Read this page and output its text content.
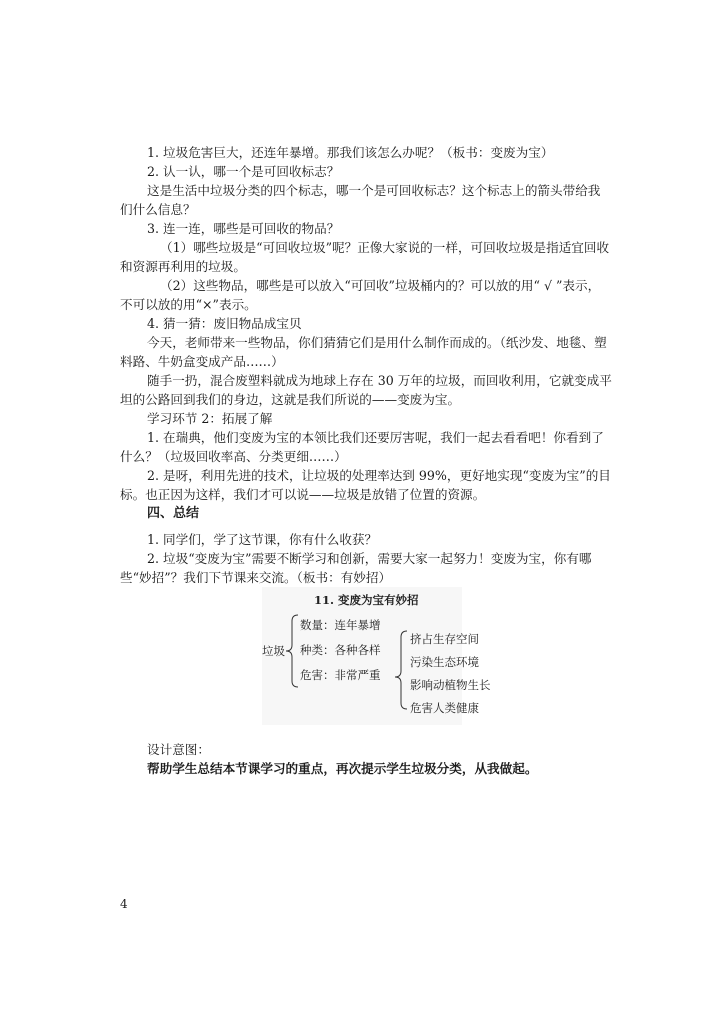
1. 垃圾危害巨大，还连年暴增。那我们该怎么办呢？（板书：变废为宝）

2. 认一认，哪一个是可回收标志？

这是生活中垃圾分类的四个标志，哪一个是可回收标志？这个标志上的箭头带给我们什么信息？

3. 连一连，哪些是可回收的物品？

（1）哪些垃圾是“可回收垃圾”呢？正像大家说的一样，可回收垃圾是指适宜回收和资源再利用的垃圾。

（2）这些物品，哪些是可以放入“可回收”垃圾桶内的？可以放的用“ √ ”表示，不可以放的用“×”表示。

4. 猜一猜：废旧物品成宝贝

今天，老师带来一些物品，你们猜猜它们是用什么制作而成的。（纸沙发、地毯、塑料路、牛奶盒变成产品……）

随手一扔，混合废塑料就成为地球上存在 30 万年的垃圾，而回收利用，它就变成平坦的公路回到我们的身边，这就是我们所说的——变废为宝。

学习环节 2：拓展了解

1. 在瑞典，他们变废为宝的本领比我们还要厉害呢，我们一起去看看吧！你看到了什么？（垃圾回收率高、分类更细……）

2. 是呀，利用先进的技术，让垃圾的处理率达到 99%，更好地实现“变废为宝”的目标。也正因为这样，我们才可以说——垃圾是放错了位置的资源。

四、总结

1. 同学们，学了这节课，你有什么收获？

2. 垃圾“变废为宝”需要不断学习和创新，需要大家一起努力！变废为宝，你有哪些“妙招”？我们下节课来交流。（板书：有妙招）

11. 变废为宝有妙招
垃圾
数量：连年暴增
种类：各种各样
危害：非常严重
挤占生存空间
污染生态环境
影响动植物生长
危害人类健康

设计意图：

帮助学生总结本节课学习的重点，再次提示学生垃圾分类，从我做起。

4
